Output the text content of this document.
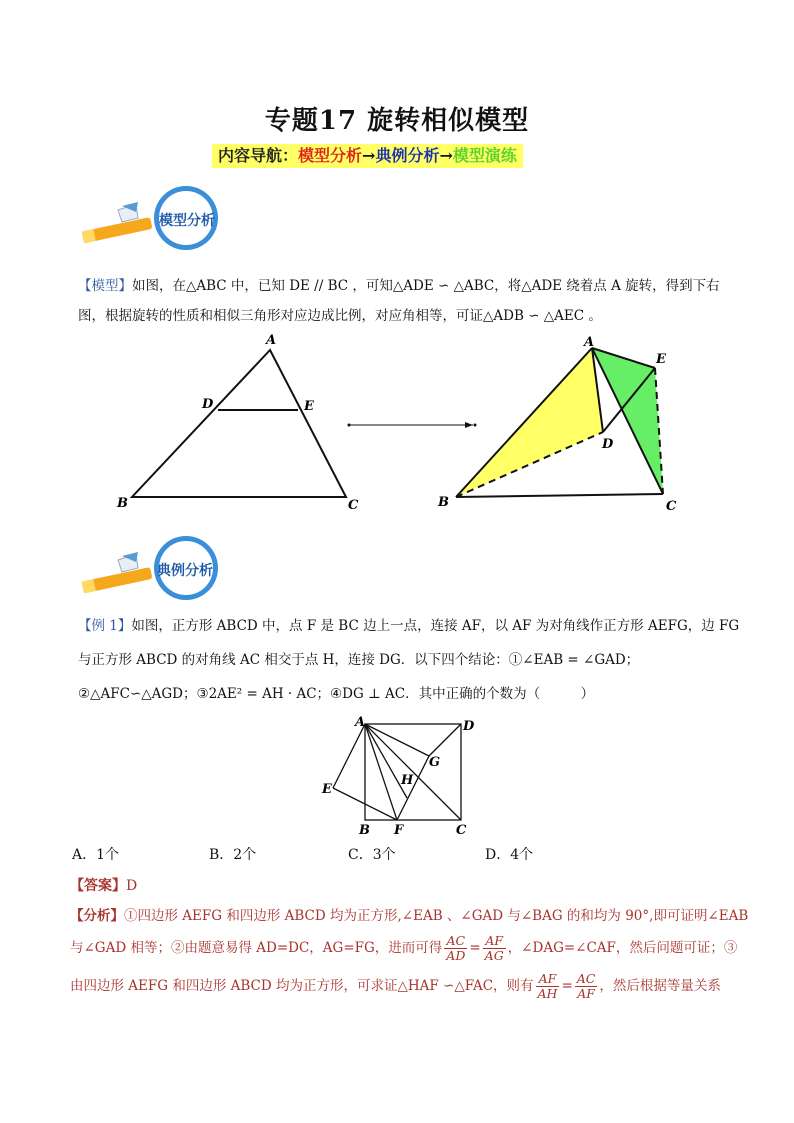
专题17 旋转相似模型
内容导航：模型分析→典例分析→模型演练
模型分析
【模型】如图，在△ABC 中，已知 DE // BC ，可知△ADE ∽ △ABC，将△ADE 绕着点 A 旋转，得到下右
图，根据旋转的性质和相似三角形对应边成比例，对应角相等，可证△ADB ∽ △AEC 。
A
B	C
D	E
A
B	C
D
E
典例分析
【例 1】如图，正方形 ABCD 中，点 F 是 BC 边上一点，连接 AF，以 AF 为对角线作正方形 AEFG，边 FG
与正方形 ABCD 的对角线 AC 相交于点 H，连接 DG．以下四个结论：①∠EAB = ∠GAD；
②△AFC∽△AGD；③2AE² = AH · AC；④DG ⊥ AC．其中正确的个数为（　　　）
A
B	C
D
E
F
G
H
A．1个	B．2个	C．3个	D．4个
【答案】D
【分析】①四边形 AEFG 和四边形 ABCD 均为正方形,∠EAB 、∠GAD 与∠BAG 的和均为 90°,即可证明∠EAB
与∠GAD 相等；②由题意易得 AD=DC，AG=FG，进而可得 $\frac{AC}{AD} = \frac{AF}{AG}$ ，∠DAG=∠CAF，然后问题可证；③
由四边形 AEFG 和四边形 ABCD 均为正方形，可求证△HAF ∽△FAC，则有 $\frac{AF}{AH} = \frac{AC}{AF}$ ，然后根据等量关系
